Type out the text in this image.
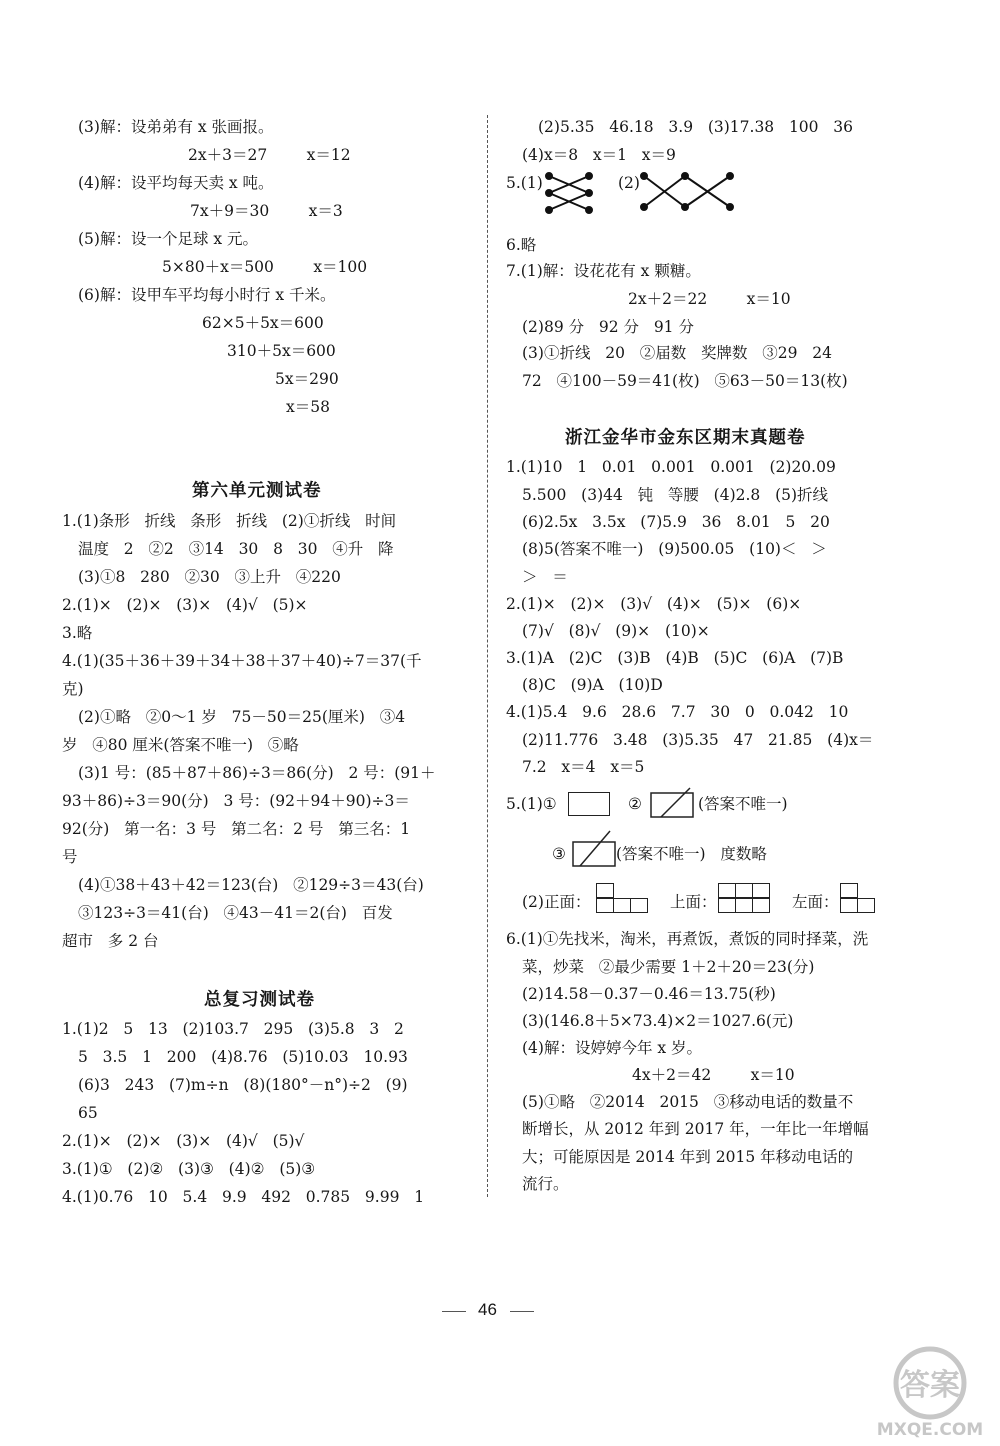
(3)解：设弟弟有 x 张画报。
2x＋3＝27        x＝12
(4)解：设平均每天卖 x 吨。
7x＋9＝30        x＝3
(5)解：设一个足球 x 元。
5×80＋x＝500        x＝100
(6)解：设甲车平均每小时行 x 千米。
62×5＋5x＝600
310＋5x＝600
5x＝290
x＝58
第六单元测试卷
1.(1)条形   折线   条形   折线   (2)①折线   时间
温度   2   ②2   ③14   30   8   30   ④升   降
(3)①8   280   ②30   ③上升   ④220
2.(1)×   (2)×   (3)×   (4)√   (5)×
3.略
4.(1)(35＋36＋39＋34＋38＋37＋40)÷7＝37(千
克)
(2)①略   ②0～1 岁   75－50＝25(厘米)   ③4
岁   ④80 厘米(答案不唯一)   ⑤略
(3)1 号：(85＋87＋86)÷3＝86(分)   2 号：(91＋
93＋86)÷3＝90(分)   3 号：(92＋94＋90)÷3＝
92(分)   第一名：3 号   第二名：2 号   第三名：1
号
(4)①38＋43＋42＝123(台)   ②129÷3＝43(台)
③123÷3＝41(台)   ④43－41＝2(台)   百发
超市   多 2 台
总复习测试卷
1.(1)2   5   13   (2)103.7   295   (3)5.8   3   2
5   3.5   1   200   (4)8.76   (5)10.03   10.93
(6)3   243   (7)m÷n   (8)(180°－n°)÷2   (9)
65
2.(1)×   (2)×   (3)×   (4)√   (5)√
3.(1)①   (2)②   (3)③   (4)②   (5)③
4.(1)0.76   10   5.4   9.9   492   0.785   9.99   1
(2)5.35   46.18   3.9   (3)17.38   100   36
(4)x＝8   x＝1   x＝9
5.(1)	(2)
6.略
7.(1)解：设花花有 x 颗糖。
2x＋2＝22        x＝10
(2)89 分   92 分   91 分
(3)①折线   20   ②届数   奖牌数   ③29   24
72   ④100－59＝41(枚)   ⑤63－50＝13(枚)
浙江金华市金东区期末真题卷
1.(1)10   1   0.01   0.001   0.001   (2)20.09
5.500   (3)44   钝   等腰   (4)2.8   (5)折线
(6)2.5x   3.5x   (7)5.9   36   8.01   5   20
(8)5(答案不唯一)   (9)500.05   (10)＜   ＞
＞   ＝
2.(1)×   (2)×   (3)√   (4)×   (5)×   (6)×
(7)√   (8)√   (9)×   (10)×
3.(1)A   (2)C   (3)B   (4)B   (5)C   (6)A   (7)B
(8)C   (9)A   (10)D
4.(1)5.4   9.6   28.6   7.7   30   0   0.042   10
(2)11.776   3.48   (3)5.35   47   21.85   (4)x＝
7.2   x＝4   x＝5
5.(1)①	②	(答案不唯一)
③	(答案不唯一)   度数略
(2)正面：	上面：	左面：
6.(1)①先找米，淘米，再煮饭，煮饭的同时择菜，洗
菜，炒菜   ②最少需要 1＋2＋20＝23(分)
(2)14.58－0.37－0.46＝13.75(秒)
(3)(146.8＋5×73.4)×2＝1027.6(元)
(4)解：设婷婷今年 x 岁。
4x＋2＝42        x＝10
(5)①略   ②2014   2015   ③移动电话的数量不
断增长，从 2012 年到 2017 年，一年比一年增幅
大；可能原因是 2014 年到 2015 年移动电话的
流行。
46
答案
MXQE.COM
